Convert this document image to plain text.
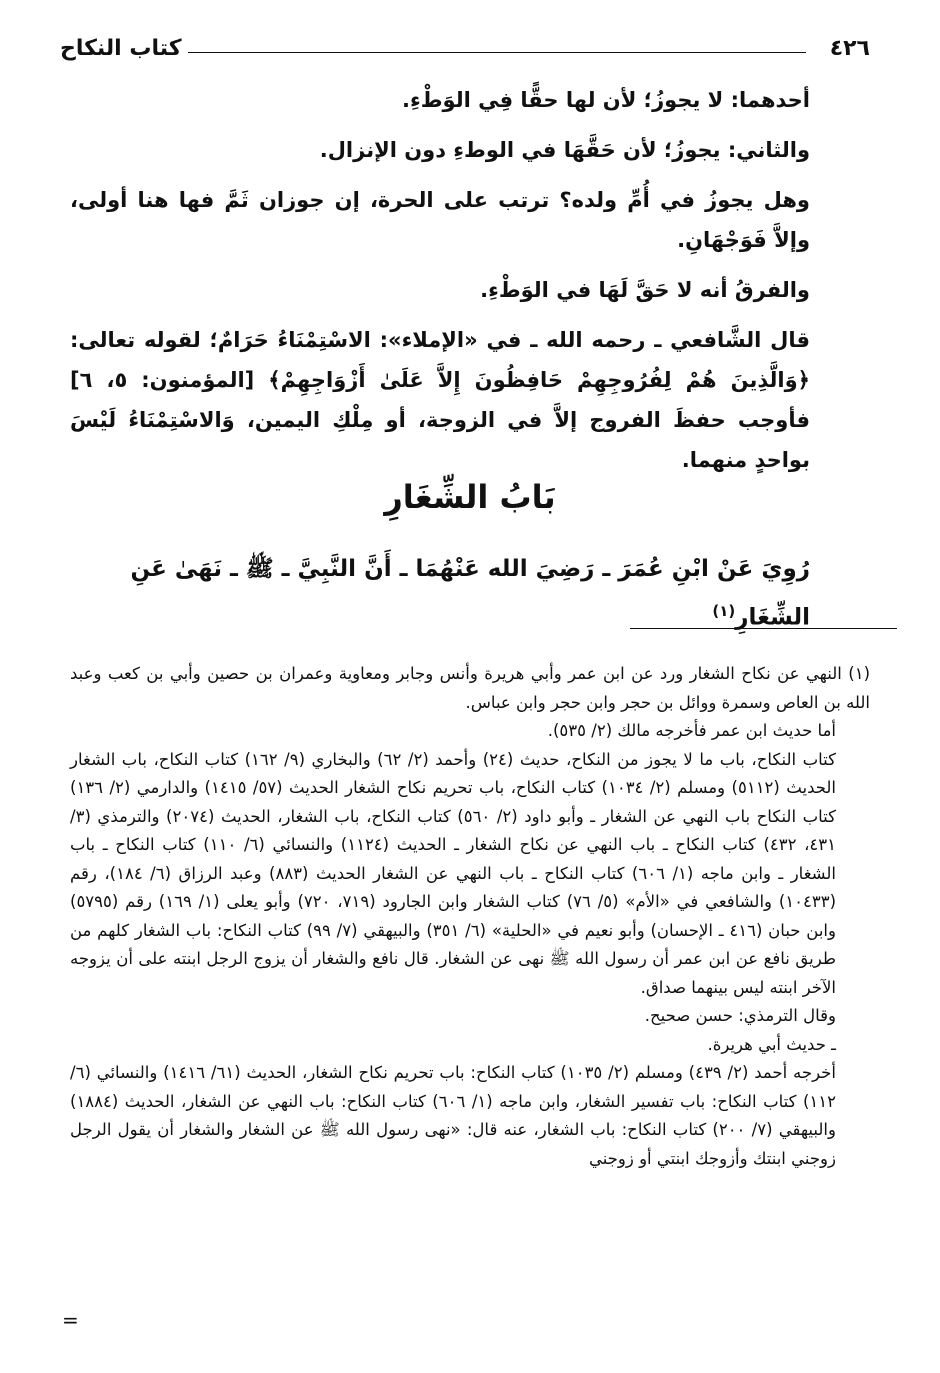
٤٢٦
كتاب النكاح

أحدهما: لا يجوزُ؛ لأن لها حقًّا فِي الوَطْءِ.

والثاني: يجوزُ؛ لأن حَقَّهَا في الوطءِ دون الإنزال.

وهل يجوزُ في أُمِّ ولده؟ ترتب على الحرة، إن جوزان ثَمَّ فها هنا أولى، وإلاَّ فَوَجْهَانِ.

والفرقُ أنه لا حَقَّ لَهَا في الوَطْءِ.

قال الشَّافعي ـ رحمه الله ـ في «الإملاء»: الاسْتِمْنَاءُ حَرَامٌ؛ لقوله تعالى: ﴿وَالَّذِينَ هُمْ لِفُرُوجِهِمْ حَافِظُونَ إِلاَّ عَلَىٰ أَزْوَاجِهِمْ﴾ [المؤمنون: ٥، ٦] فأوجب حفظَ الفروج إلاَّ في الزوجة، أو مِلْكِ اليمين، وَالاسْتِمْنَاءُ لَيْسَ بواحدٍ منهما.

بَابُ الشِّغَارِ
رُوِيَ عَنْ ابْنِ عُمَرَ ـ رَضِيَ الله عَنْهُمَا ـ أَنَّ النَّبِيَّ ـ ﷺ ـ نَهَىٰ عَنِ الشِّغَارِ$^{(١)}$

(١) النهي عن نكاح الشغار ورد عن ابن عمر وأبي هريرة وأنس وجابر ومعاوية وعمران بن حصين وأبي بن كعب وعبد الله بن العاص وسمرة ووائل بن حجر وابن حجر وابن عباس.

أما حديث ابن عمر فأخرجه مالك (٢/ ٥٣٥).

كتاب النكاح، باب ما لا يجوز من النكاح، حديث (٢٤) وأحمد (٢/ ٦٢) والبخاري (٩/ ١٦٢) كتاب النكاح، باب الشغار الحديث (٥١١٢) ومسلم (٢/ ١٠٣٤) كتاب النكاح، باب تحريم نكاح الشغار الحديث (٥٧/ ١٤١٥) والدارمي (٢/ ١٣٦) كتاب النكاح باب النهي عن الشغار ـ وأبو داود (٢/ ٥٦٠) كتاب النكاح، باب الشغار، الحديث (٢٠٧٤) والترمذي (٣/ ٤٣١، ٤٣٢) كتاب النكاح ـ باب النهي عن نكاح الشغار ـ الحديث (١١٢٤) والنسائي (٦/ ١١٠) كتاب النكاح ـ باب الشغار ـ وابن ماجه (١/ ٦٠٦) كتاب النكاح ـ باب النهي عن الشغار الحديث (٨٨٣) وعبد الرزاق (٦/ ١٨٤)، رقم (١٠٤٣٣) والشافعي في «الأم» (٥/ ٧٦) كتاب الشغار وابن الجارود (٧١٩، ٧٢٠) وأبو يعلى (١/ ١٦٩) رقم (٥٧٩٥) وابن حبان (٤١٦ ـ الإحسان) وأبو نعيم في «الحلية» (٦/ ٣٥١) والبيهقي (٧/ ٩٩) كتاب النكاح: باب الشغار كلهم من طريق نافع عن ابن عمر أن رسول الله ﷺ نهى عن الشغار. قال نافع والشغار أن يزوج الرجل ابنته على أن يزوجه الآخر ابنته ليس بينهما صداق.

وقال الترمذي: حسن صحيح.

ـ حديث أبي هريرة.

أخرجه أحمد (٢/ ٤٣٩) ومسلم (٢/ ١٠٣٥) كتاب النكاح: باب تحريم نكاح الشغار، الحديث (٦١/ ١٤١٦) والنسائي (٦/ ١١٢) كتاب النكاح: باب تفسير الشغار، وابن ماجه (١/ ٦٠٦) كتاب النكاح: باب النهي عن الشغار، الحديث (١٨٨٤) والبيهقي (٧/ ٢٠٠) كتاب النكاح: باب الشغار، عنه قال: «نهى رسول الله ﷺ عن الشغار والشغار أن يقول الرجل زوجني ابنتك وأزوجك ابنتي أو زوجني

=
